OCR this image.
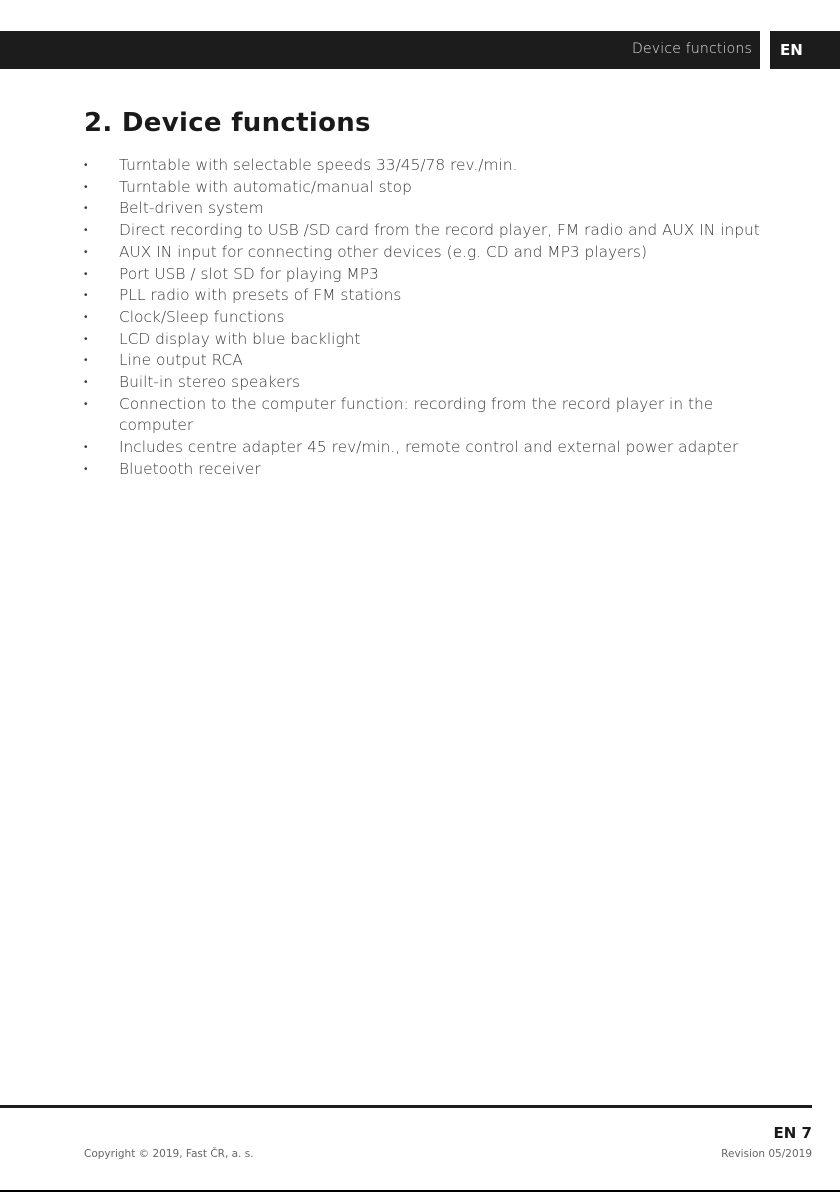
Device functions	EN
2. Device functions
• Turntable with selectable speeds 33/45/78 rev./min.
• Turntable with automatic/manual stop
• Belt-driven system
• Direct recording to USB /SD card from the record player, FM radio and AUX IN input
• AUX IN input for connecting other devices (e.g. CD and MP3 players)
• Port USB / slot SD for playing MP3
• PLL radio with presets of FM stations
• Clock/Sleep functions
• LCD display with blue backlight
• Line output RCA
• Built-in stereo speakers
• Connection to the computer function: recording from the record player in the computer
• Includes centre adapter 45 rev/min., remote control and external power adapter
• Bluetooth receiver
EN 7
Copyright © 2019, Fast ČR, a. s.	Revision 05/2019
